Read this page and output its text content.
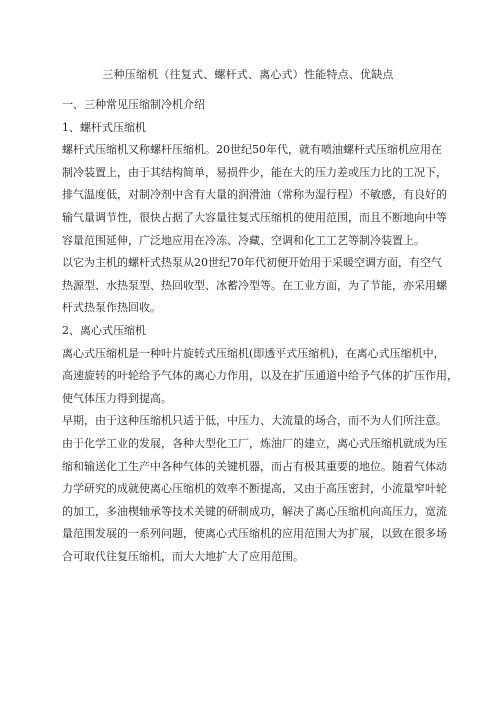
三种压缩机（往复式、螺杆式、离心式）性能特点、优缺点
一、三种常见压缩制冷机介绍
1、螺杆式压缩机
螺杆式压缩机又称螺杆压缩机。20世纪50年代，就有喷油螺杆式压缩机应用在
制冷装置上，由于其结构简单，易损件少，能在大的压力差或压力比的工况下，
排气温度低，对制冷剂中含有大量的润滑油（常称为湿行程）不敏感，有良好的
输气量调节性，很快占据了大容量往复式压缩机的使用范围，而且不断地向中等
容量范围延伸，广泛地应用在冷冻、冷藏、空调和化工工艺等制冷装置上。
以它为主机的螺杆式热泵从20世纪70年代初便开始用于采暖空调方面，有空气
热源型、水热泵型、热回收型、冰蓄冷型等。在工业方面，为了节能，亦采用螺
杆式热泵作热回收。
2、离心式压缩机
离心式压缩机是一种叶片旋转式压缩机(即透平式压缩机)，在离心式压缩机中，
高速旋转的叶轮给予气体的离心力作用，以及在扩压通道中给予气体的扩压作用，
使气体压力得到提高。
早期，由于这种压缩机只适于低，中压力、大流量的场合，而不为人们所注意。
由于化学工业的发展，各种大型化工厂，炼油厂的建立，离心式压缩机就成为压
缩和输送化工生产中各种气体的关键机器，而占有极其重要的地位。随着气体动
力学研究的成就使离心压缩机的效率不断提高，又由于高压密封，小流量窄叶轮
的加工，多油楔轴承等技术关键的研制成功，解决了离心压缩机向高压力，宽流
量范围发展的一系列问题，使离心式压缩机的应用范围大为扩展，以致在很多场
合可取代往复压缩机，而大大地扩大了应用范围。
